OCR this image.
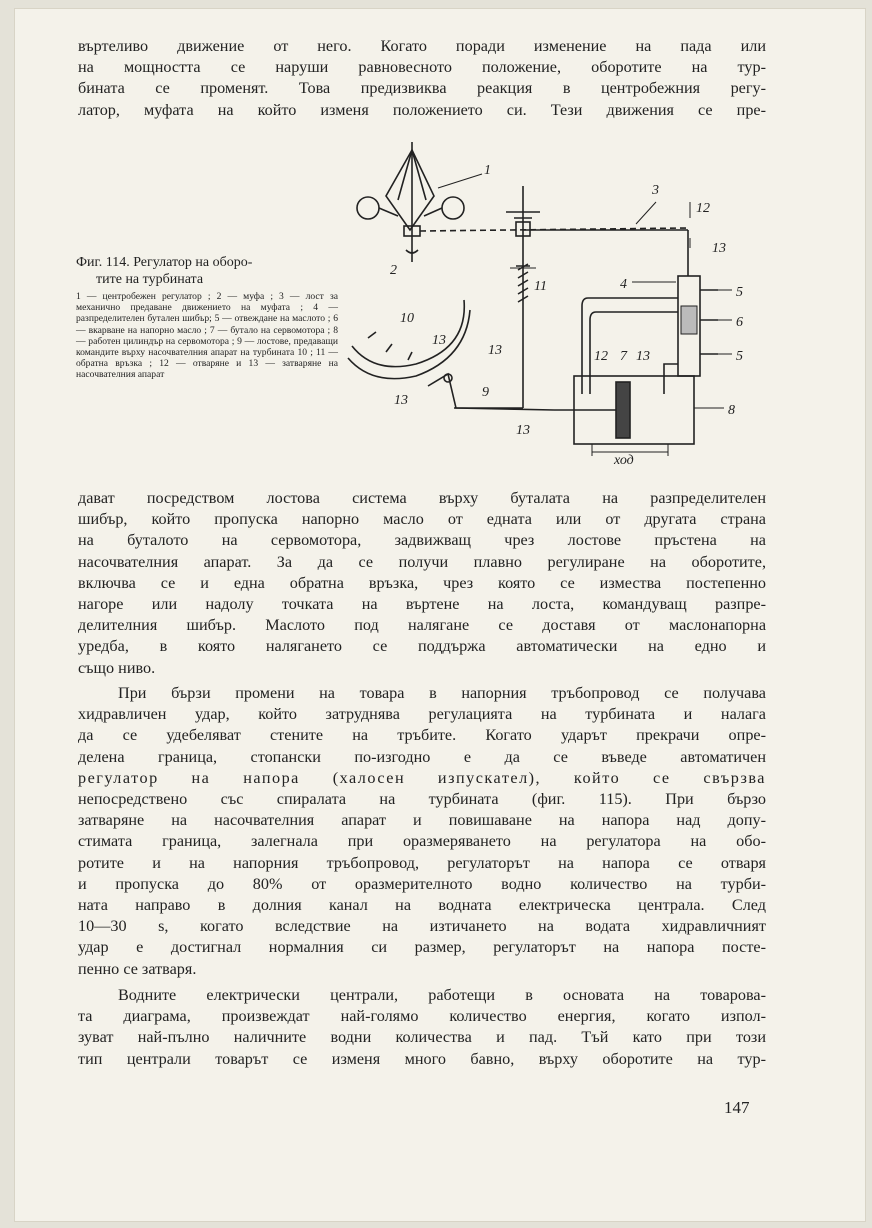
въртеливо движение от него. Когато поради изменение на пада или
на мощността се наруши равновесното положение, оборотите на тур-
бината се променят. Това предизвиква реакция в центробежния регу-
латор, муфата на който изменя положението си. Тези движения се пре-
Фиг. 114. Регулатор на оборо-
тите на турбината
1 — центробежен регулатор ; 2 — муфа ; 3 — лост за механично предаване движението на муфата ; 4 — разпределителен бутален шибър; 5 — отвеждане на маслото ; 6 — вкарване на напорно масло ; 7 — бутало на сервомотора ; 8 — работен цилиндър на сервомотора ; 9 — лостове, предаващи командите върху насочвателния апарат на турбината 10 ; 11 — обратна връзка ; 12 — отваряне и 13 — затваряне на насочвателния апарат
1
2
3
4
5
6
5
7
8
9
10
11
12
12
13
13
13
13
13
13
ход
дават посредством лостова система върху буталата на разпределителен
шибър, който пропуска напорно масло от едната или от другата страна
на буталото на сервомотора, задвижващ чрез лостове пръстена на
насочвателния апарат. За да се получи плавно регулиране на оборотите,
включва се и една обратна връзка, чрез която се измества постепенно
нагоре или надолу точката на въртене на лоста, командуващ разпре-
делителния шибър. Маслото под налягане се доставя от маслонапорна
уредба, в която налягането се поддържа автоматически на едно и
също ниво.
При бързи промени на товара в напорния тръбопровод се получава
хидравличен удар, който затруднява регулацията на турбината и налага
да се удебеляват стените на тръбите. Когато ударът прекрачи опре-
делена граница, стопански по-изгодно е да се въведе автоматичен
регулатор на напора (халосен изпускател), който се свързва
непосредствено със спиралата на турбината (фиг. 115). При бързо
затваряне на насочвателния апарат и повишаване на напора над допу-
стимата граница, залегнала при оразмеряването на регулатора на обо-
ротите и на напорния тръбопровод, регулаторът на напора се отваря
и пропуска до 80% от оразмерителното водно количество на турби-
ната направо в долния канал на водната електрическа централа. След
10—30 s, когато вследствие на изтичането на водата хидравличният
удар е достигнал нормалния си размер, регулаторът на напора посте-
пенно се затваря.
Водните електрически централи, работещи в основата на товарова-
та диаграма, произвеждат най-голямо количество енергия, когато изпол-
зуват най-пълно наличните водни количества и пад. Тъй като при този
тип централи товарът се изменя много бавно, върху оборотите на тур-
147
